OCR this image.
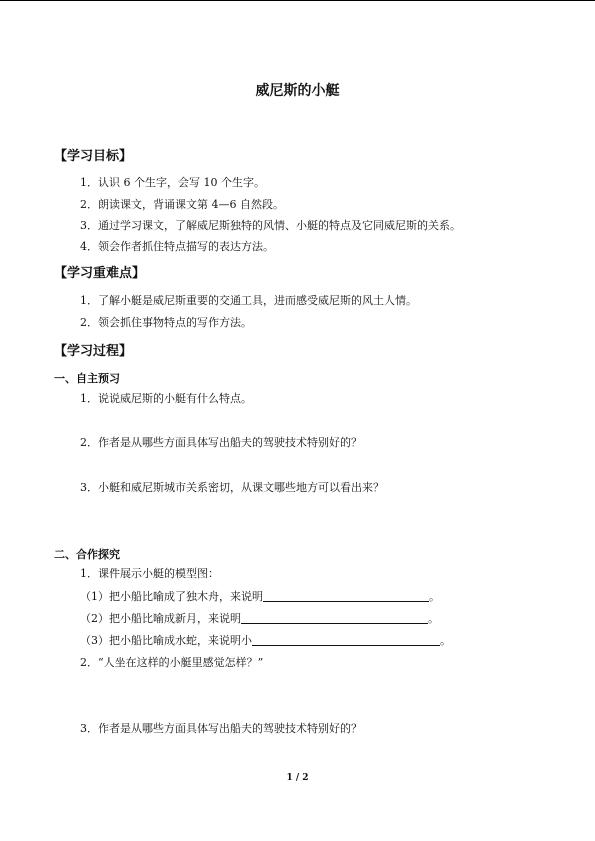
威尼斯的小艇
【学习目标】
1．认识 6 个生字，会写 10 个生字。
2．朗读课文，背诵课文第 4—6 自然段。
3．通过学习课文，了解威尼斯独特的风情、小艇的特点及它同威尼斯的关系。
4．领会作者抓住特点描写的表达方法。
【学习重难点】
1．了解小艇是威尼斯重要的交通工具，进而感受威尼斯的风土人情。
2．领会抓住事物特点的写作方法。
【学习过程】
一、自主预习
1．说说威尼斯的小艇有什么特点。
2．作者是从哪些方面具体写出船夫的驾驶技术特别好的？
3．小艇和威尼斯城市关系密切，从课文哪些地方可以看出来？
二、合作探究
1．课件展示小艇的模型图：
（1）把小船比喻成了独木舟，来说明	。
（2）把小船比喻成新月，来说明	。
（3）把小船比喻成水蛇，来说明小	。
2．“人坐在这样的小艇里感觉怎样？”
3．作者是从哪些方面具体写出船夫的驾驶技术特别好的？
1 / 2
